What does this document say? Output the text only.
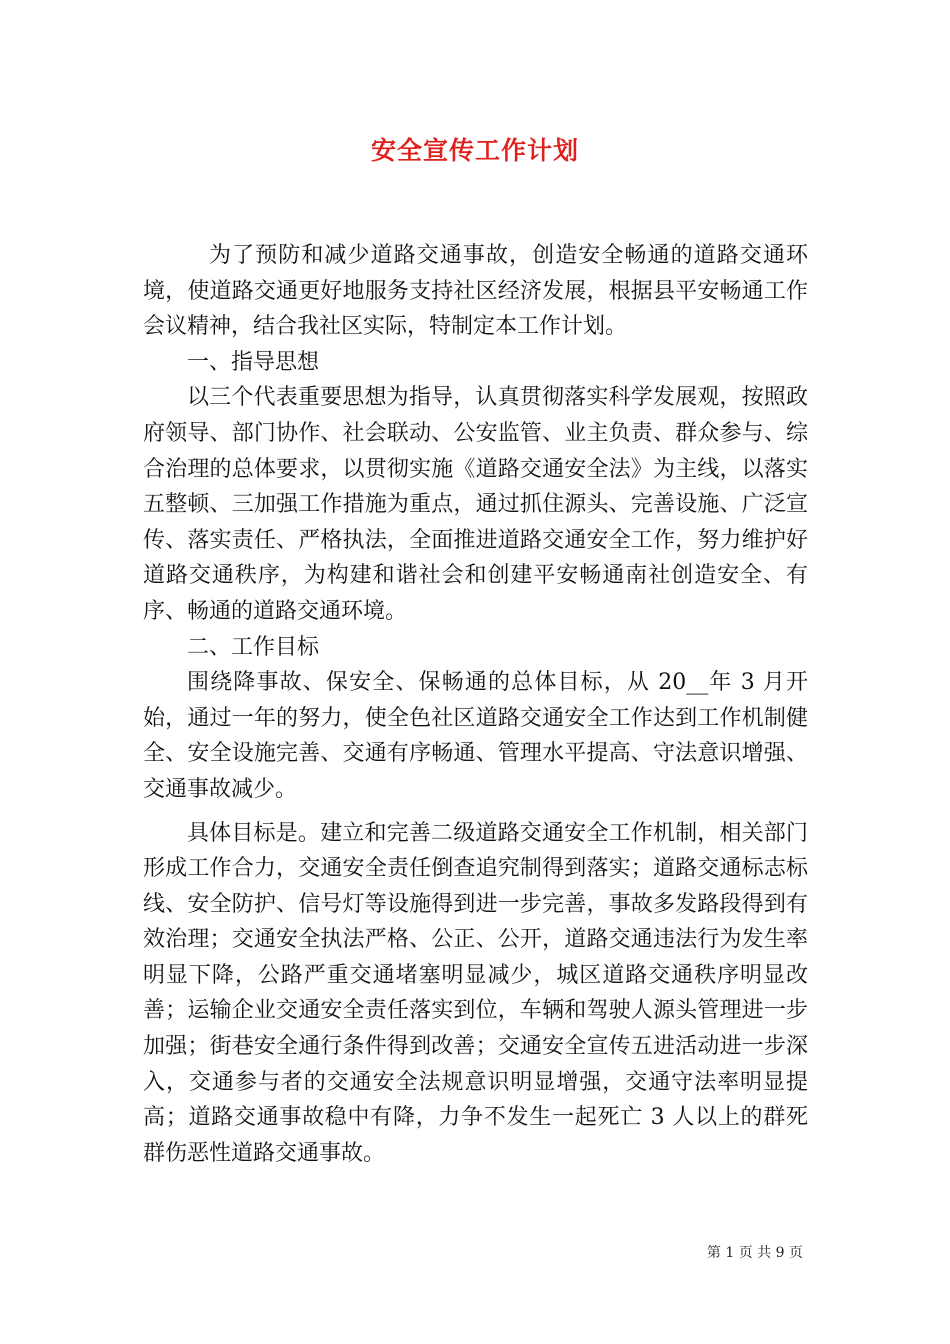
安全宣传工作计划

为了预防和减少道路交通事故，创造安全畅通的道路交通环境，使道路交通更好地服务支持社区经济发展，根据县平安畅通工作会议精神，结合我社区实际，特制定本工作计划。

一、指导思想

以三个代表重要思想为指导，认真贯彻落实科学发展观，按照政府领导、部门协作、社会联动、公安监管、业主负责、群众参与、综合治理的总体要求，以贯彻实施《道路交通安全法》为主线，以落实五整顿、三加强工作措施为重点，通过抓住源头、完善设施、广泛宣传、落实责任、严格执法，全面推进道路交通安全工作，努力维护好道路交通秩序，为构建和谐社会和创建平安畅通南社创造安全、有序、畅通的道路交通环境。

二、工作目标

围绕降事故、保安全、保畅通的总体目标，从 20__年 3 月开始，通过一年的努力，使全色社区道路交通安全工作达到工作机制健全、安全设施完善、交通有序畅通、管理水平提高、守法意识增强、交通事故减少。

具体目标是。建立和完善二级道路交通安全工作机制，相关部门形成工作合力，交通安全责任倒查追究制得到落实；道路交通标志标线、安全防护、信号灯等设施得到进一步完善，事故多发路段得到有效治理；交通安全执法严格、公正、公开，道路交通违法行为发生率明显下降，公路严重交通堵塞明显减少，城区道路交通秩序明显改善；运输企业交通安全责任落实到位，车辆和驾驶人源头管理进一步加强；街巷安全通行条件得到改善；交通安全宣传五进活动进一步深入，交通参与者的交通安全法规意识明显增强，交通守法率明显提高；道路交通事故稳中有降，力争不发生一起死亡 3 人以上的群死群伤恶性道路交通事故。

第 1 页 共 9 页
